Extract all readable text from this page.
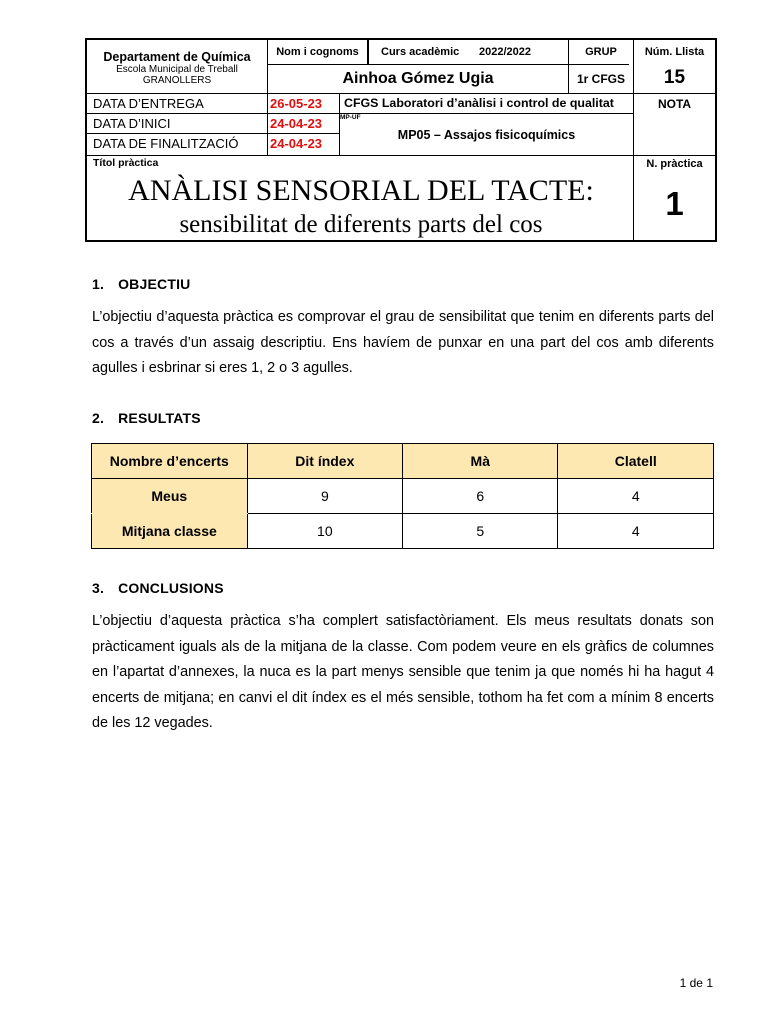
Departament de Química
Escola Municipal de Treball
GRANOLLERS
Nom i cognoms
Ainhoa Gómez Ugia
Curs acadèmic 2022/2022	GRUP
1r CFGS
Núm. Llista
15
DATA D’ENTREGA	26-05-23
DATA D’INICI	24-04-23
DATA DE FINALITZACIÓ 24-04-23
CFGS Laboratori d’anàlisi i control de qualitat
MP-UF
MP05 – Assajos fisicoquímics
NOTA
Títol pràctica
ANÀLISI SENSORIAL DEL TACTE:
sensibilitat de diferents parts del cos
N. pràctica
1
1. OBJECTIU

L’objectiu d’aquesta pràctica es comprovar el grau de sensibilitat que tenim en diferents parts del cos a través d’un assaig descriptiu. Ens havíem de punxar en una part del cos amb diferents agulles i esbrinar si eres 1, 2 o 3 agulles.

2. RESULTATS
Nombre d’encerts	Dit índex	Mà	Clatell
Meus	9	6	4
Mitjana classe	10	5	4
3. CONCLUSIONS

L’objectiu d’aquesta pràctica s’ha complert satisfactòriament. Els meus resultats donats son pràcticament iguals als de la mitjana de la classe. Com podem veure en els gràfics de columnes en l’apartat d’annexes, la nuca es la part menys sensible que tenim ja que només hi ha hagut 4 encerts de mitjana; en canvi el dit índex es el més sensible, tothom ha fet com a mínim 8 encerts de les 12 vegades.

1 de 1
